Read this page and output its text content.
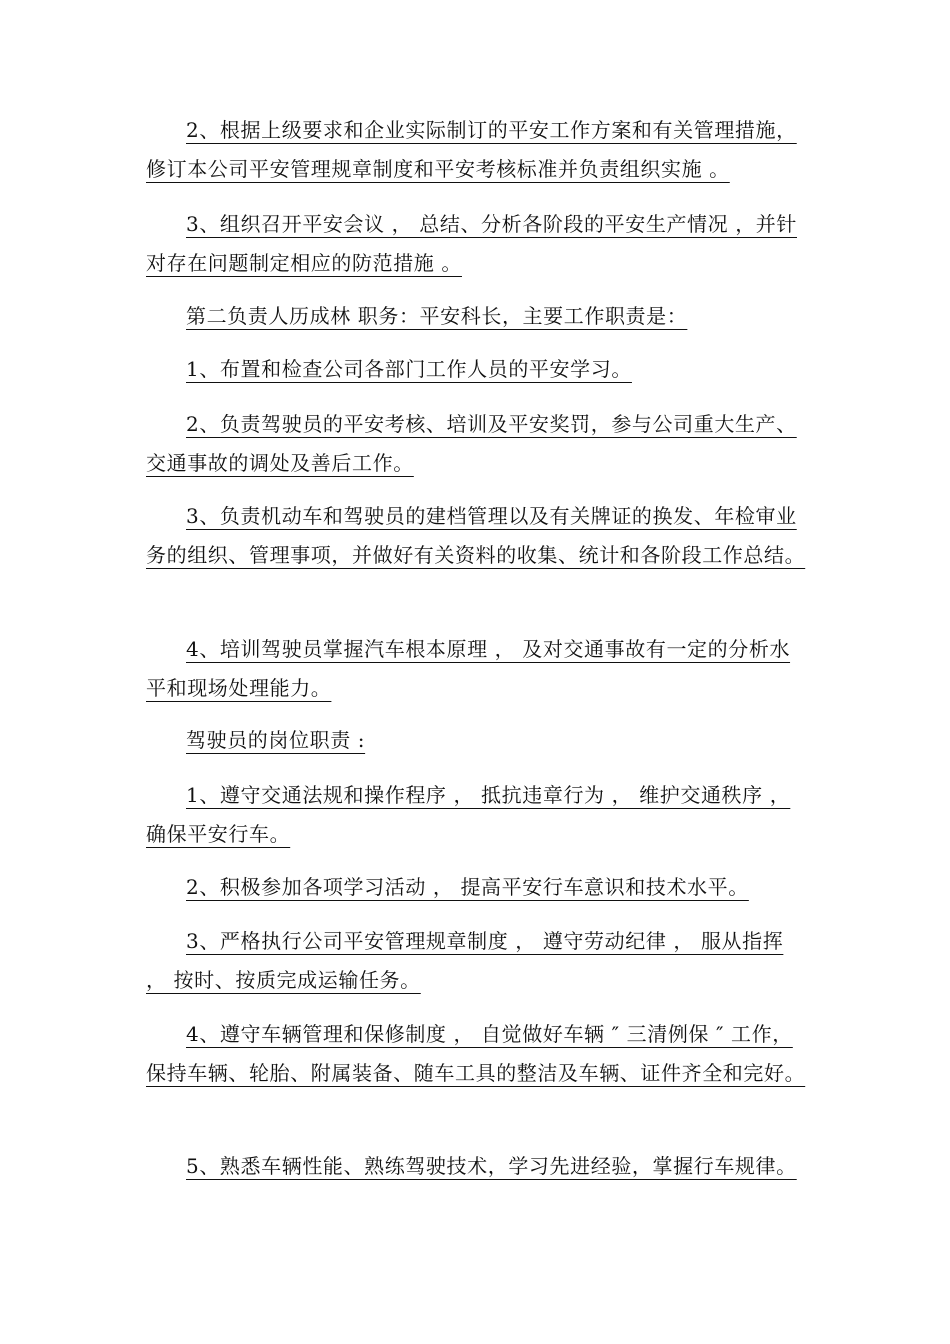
2、根据上级要求和企业实际制订的平安工作方案和有关管理措施，修订本公司平安管理规章制度和平安考核标准并负责组织实施 。

3、组织召开平安会议 ， 总结、分析各阶段的平安生产情况 ，并针对存在问题制定相应的防范措施 。

第二负责人历成林 职务：平安科长，主要工作职责是：

1、布置和检查公司各部门工作人员的平安学习。

2、负责驾驶员的平安考核、培训及平安奖罚，参与公司重大生产、交通事故的调处及善后工作。

3、负责机动车和驾驶员的建档管理以及有关牌证的换发、年检审业务的组织、管理事项，并做好有关资料的收集、统计和各阶段工作总结。

4、培训驾驶员掌握汽车根本原理 ， 及对交通事故有一定的分析水平和现场处理能力。

驾驶员的岗位职责 :

1、遵守交通法规和操作程序 ， 抵抗违章行为 ， 维护交通秩序 ， 确保平安行车。

2、积极参加各项学习活动 ， 提高平安行车意识和技术水平。

3、严格执行公司平安管理规章制度 ， 遵守劳动纪律 ， 服从指挥 ， 按时、按质完成运输任务。

4、遵守车辆管理和保修制度 ， 自觉做好车辆 ″ 三清例保 ″ 工作，保持车辆、轮胎、附属装备、随车工具的整洁及车辆、证件齐全和完好。

5、熟悉车辆性能、熟练驾驶技术，学习先进经验，掌握行车规律。
